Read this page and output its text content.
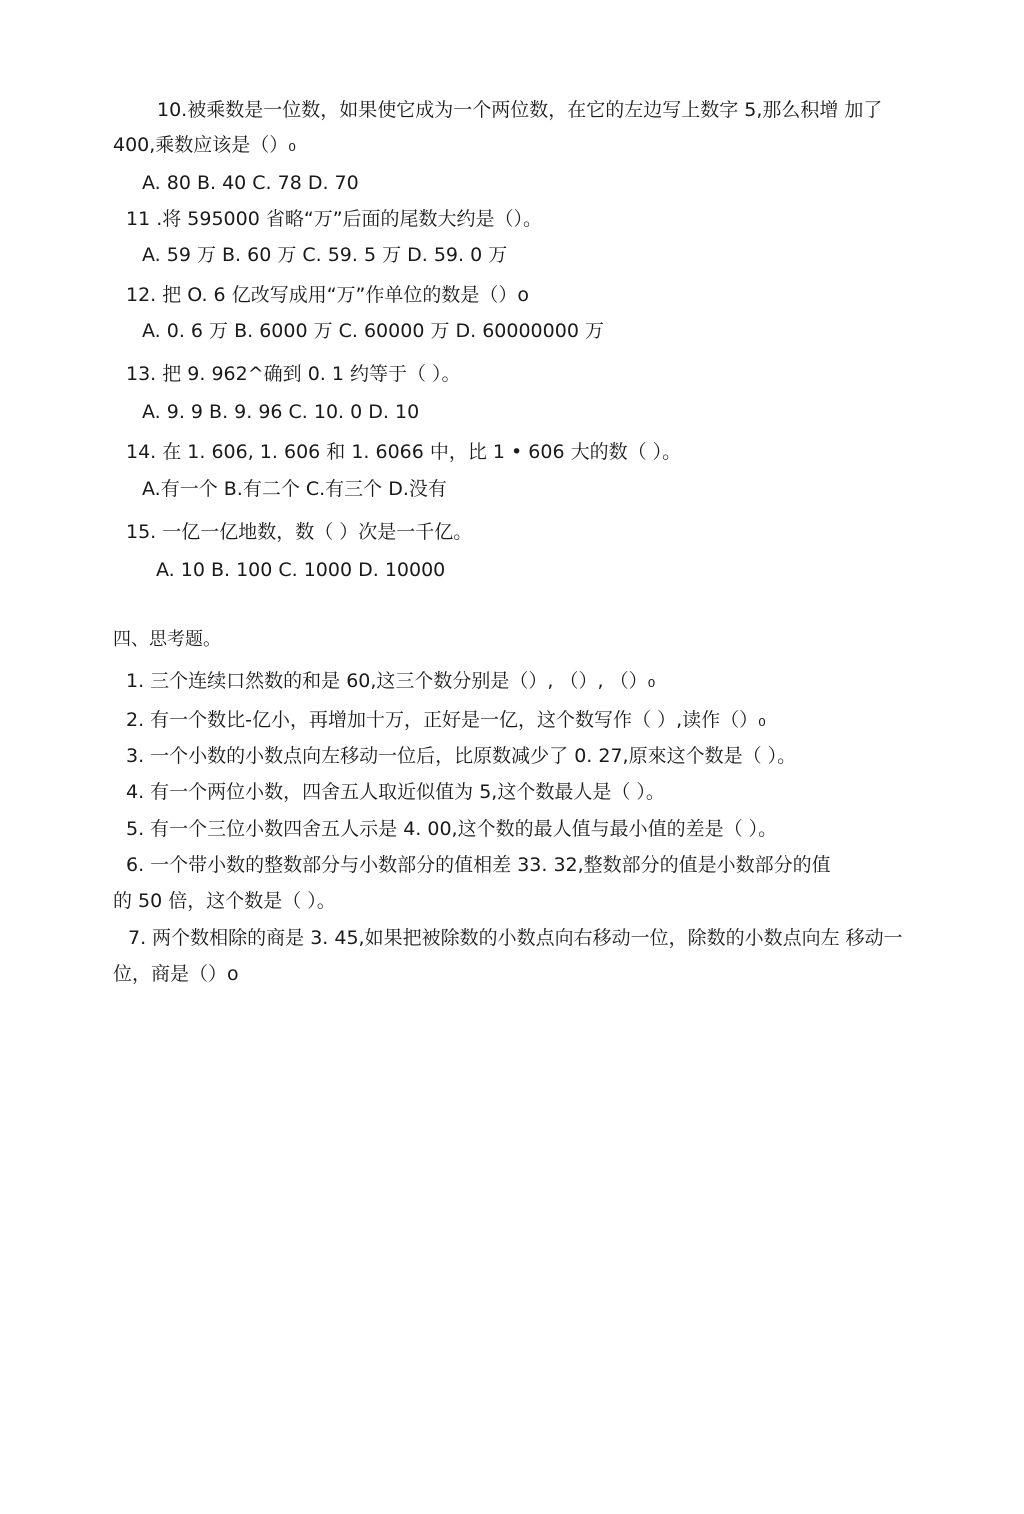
10.被乘数是一位数，如果使它成为一个两位数，在它的左边写上数字 5,那么积增 加了
400,乘数应该是（）₀
A. 80 B. 40 C. 78 D. 70
11 .将 595000 省略“万”后面的尾数大约是（）。
A. 59 万 B. 60 万 C. 59. 5 万 D. 59. 0 万
12. 把 O. 6 亿改写成用“万”作单位的数是（）o
A. 0. 6 万 B. 6000 万 C. 60000 万 D. 60000000 万
13. 把 9. 962^确到 0. 1 约等于（ ）。
A. 9. 9 B. 9. 96 C. 10. 0 D. 10
14. 在 1. 606, 1. 606 和 1. 6066 中，比 1 • 606 大的数（ ）。
A.有一个 B.有二个 C.有三个 D.没有
15. 一亿一亿地数，数（ ）次是一千亿。
A. 10 B. 100 C. 1000 D. 10000
四、思考题。
1. 三个连续口然数的和是 60,这三个数分别是（）, （）, （）₀
2. 有一个数比-亿小，再增加十万，正好是一亿，这个数写作（ ）,读作（）₀
3. 一个小数的小数点向左移动一位后，比原数减少了 0. 27,原來这个数是（ ）。
4. 有一个两位小数，四舍五人取近似值为 5,这个数最人是（ ）。
5. 有一个三位小数四舍五人示是 4. 00,这个数的最人值与最小值的差是（ ）。
6. 一个带小数的整数部分与小数部分的值相差 33. 32,整数部分的值是小数部分的值
的 50 倍，这个数是（ ）。
7. 两个数相除的商是 3. 45,如果把被除数的小数点向右移动一位，除数的小数点向左 移动一
位，商是（）o
